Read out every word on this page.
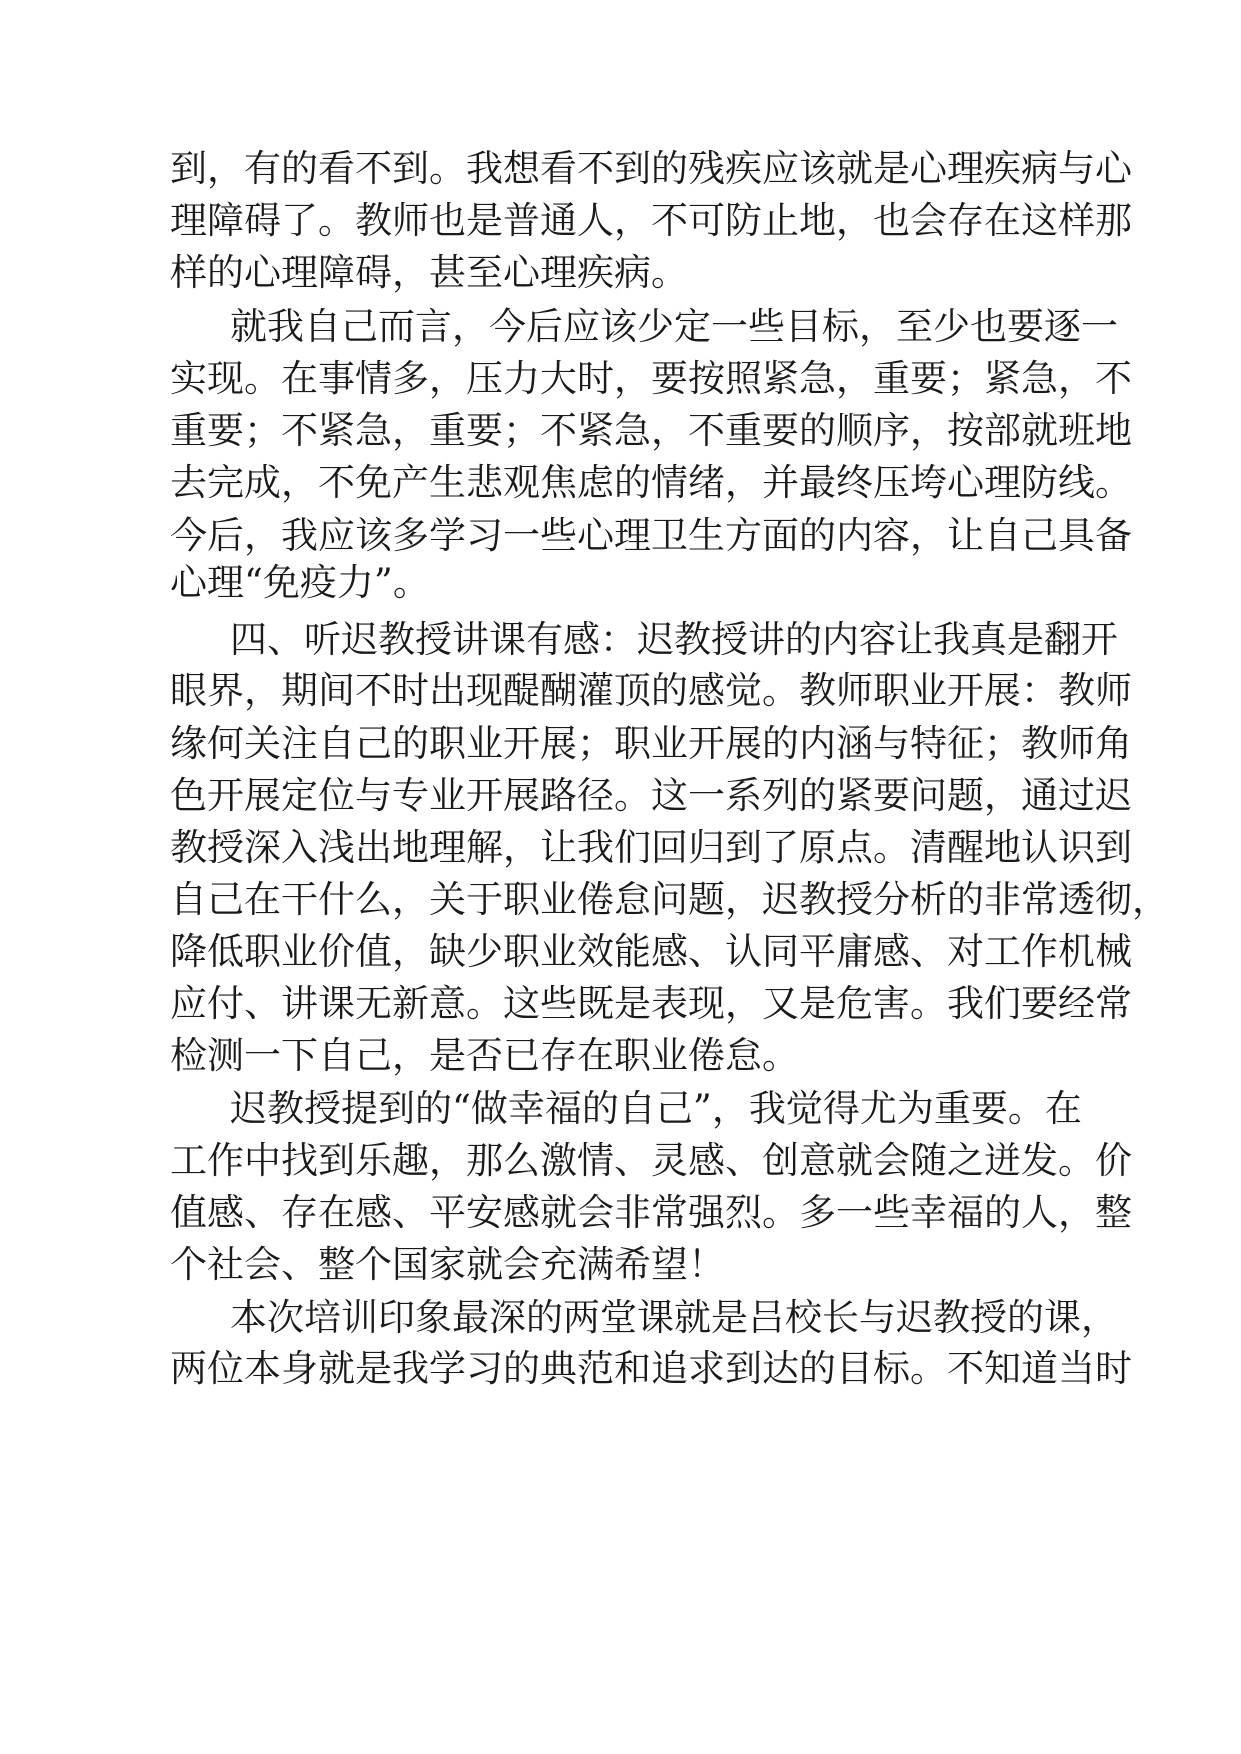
到，有的看不到。我想看不到的残疾应该就是心理疾病与心
理障碍了。教师也是普通人，不可防止地，也会存在这样那
样的心理障碍，甚至心理疾病。
就我自己而言，今后应该少定一些目标，至少也要逐一
实现。在事情多，压力大时，要按照紧急，重要；紧急，不
重要；不紧急，重要；不紧急，不重要的顺序，按部就班地
去完成，不免产生悲观焦虑的情绪，并最终压垮心理防线。
今后，我应该多学习一些心理卫生方面的内容，让自己具备
心理“免疫力”。
四、听迟教授讲课有感：迟教授讲的内容让我真是翻开
眼界，期间不时出现醍醐灌顶的感觉。教师职业开展：教师
缘何关注自己的职业开展；职业开展的内涵与特征；教师角
色开展定位与专业开展路径。这一系列的紧要问题，通过迟
教授深入浅出地理解，让我们回归到了原点。清醒地认识到
自己在干什么，关于职业倦怠问题，迟教授分析的非常透彻，
降低职业价值，缺少职业效能感、认同平庸感、对工作机械
应付、讲课无新意。这些既是表现，又是危害。我们要经常
检测一下自己，是否已存在职业倦怠。
迟教授提到的“做幸福的自己”，我觉得尤为重要。在
工作中找到乐趣，那么激情、灵感、创意就会随之迸发。价
值感、存在感、平安感就会非常强烈。多一些幸福的人，整
个社会、整个国家就会充满希望！
本次培训印象最深的两堂课就是吕校长与迟教授的课，
两位本身就是我学习的典范和追求到达的目标。不知道当时
